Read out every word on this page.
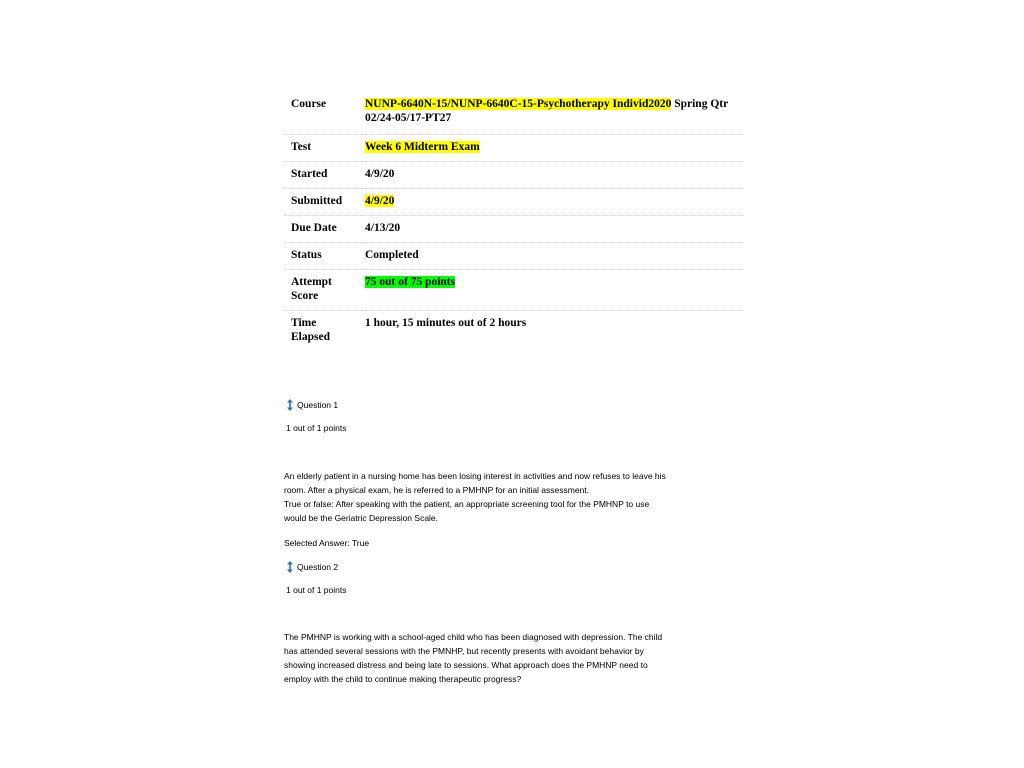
Course	NUNP-6640N-15/NUNP-6640C-15-Psychotherapy Individ2020 Spring Qtr 02/24-05/17-PT27
Test	Week 6 Midterm Exam
Started	4/9/20
Submitted	4/9/20
Due Date	4/13/20
Status	Completed
Attempt
Score	75 out of 75 points
Time
Elapsed	1 hour, 15 minutes out of 2 hours
Question 1
1 out of 1 points

An elderly patient in a nursing home has been losing interest in activities and now refuses to leave his

room. After a physical exam, he is referred to a PMHNP for an initial assessment.

True or false: After speaking with the patient, an appropriate screening tool for the PMHNP to use

would be the Geriatric Depression Scale.

Selected Answer: True
Question 2
1 out of 1 points

The PMHNP is working with a school-aged child who has been diagnosed with depression. The child

has attended several sessions with the PMNHP, but recently presents with avoidant behavior by

showing increased distress and being late to sessions. What approach does the PMHNP need to

employ with the child to continue making therapeutic progress?
